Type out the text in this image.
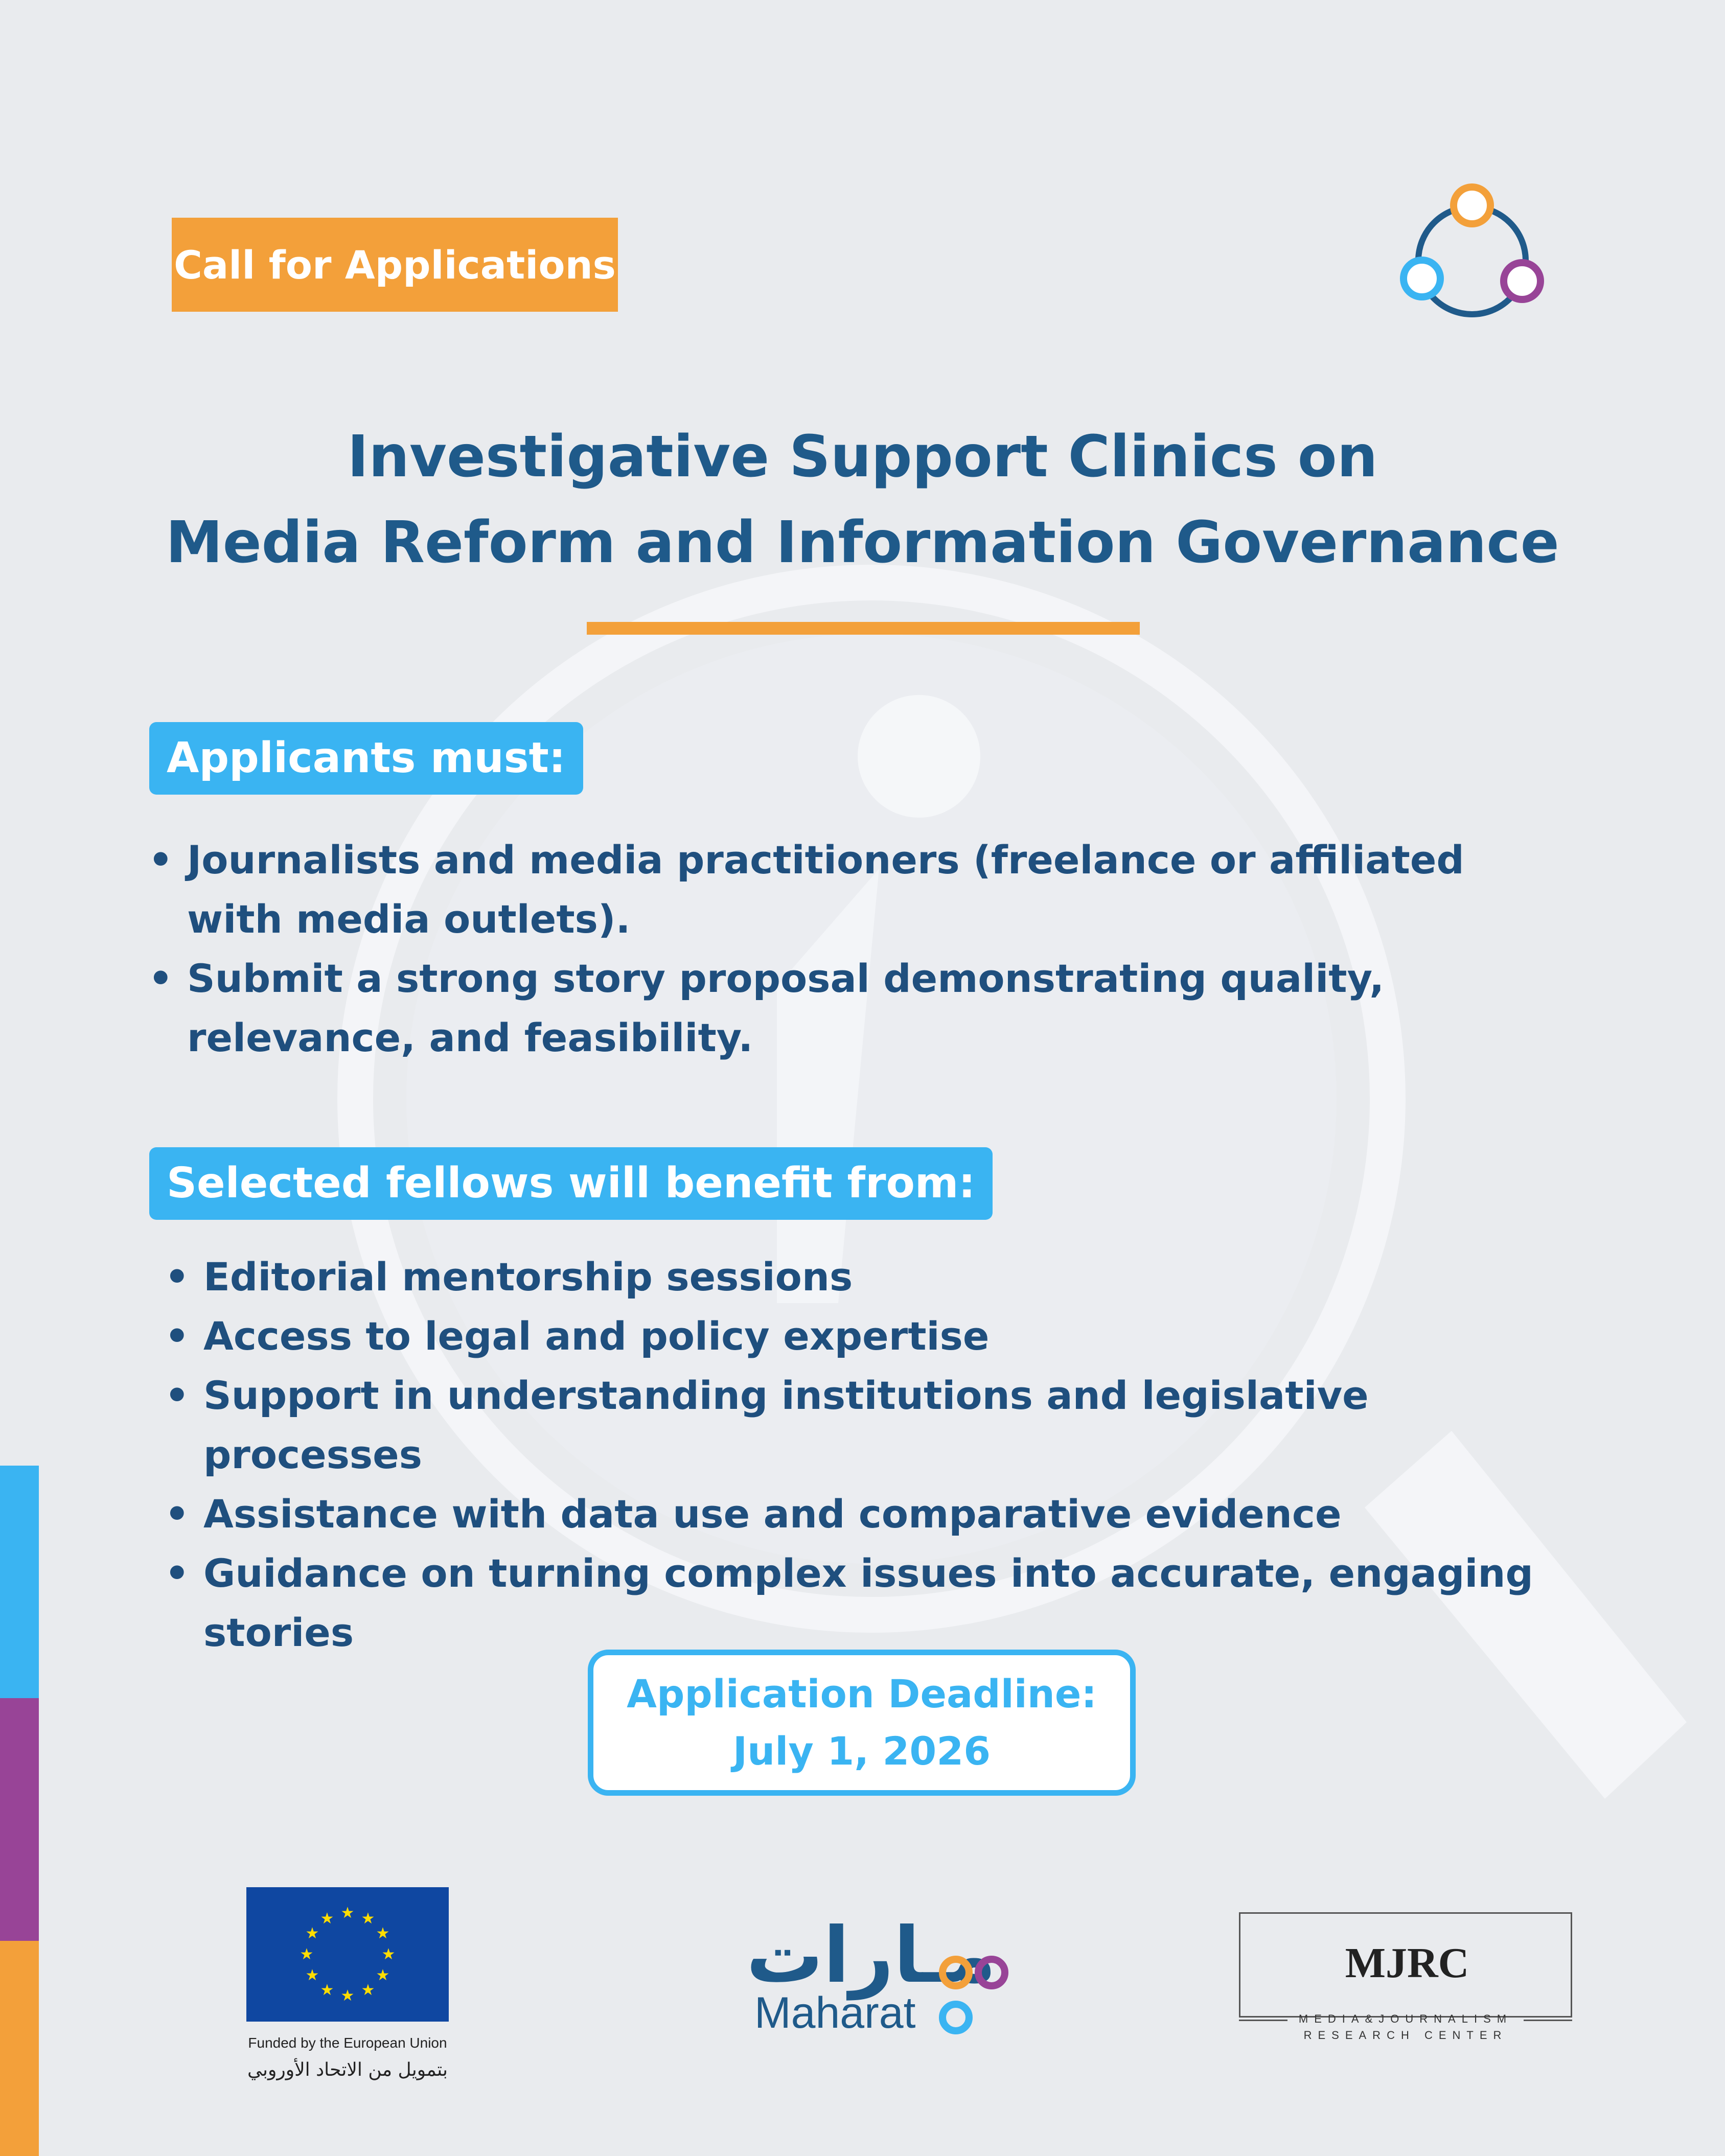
Call for Applications
Investigative Support Clinics on
Media Reform and Information Governance
Applicants must:
• Journalists and media practitioners (freelance or affiliated with media outlets).
• Submit a strong story proposal demonstrating quality, relevance, and feasibility.
Selected fellows will benefit from:
• Editorial mentorship sessions
• Access to legal and policy expertise
• Support in understanding institutions and legislative processes
• Assistance with data use and comparative evidence
• Guidance on turning complex issues into accurate, engaging stories
Application Deadline:
July 1, 2026
★ ★
★
★
★
★
★
★
★
★
★
★
Funded by the European Union
بتمويل من الاتحاد الأوروبي
مـارات
Maharat
MJRC
MEDIA&JOURNALISM
RESEARCH CENTER
